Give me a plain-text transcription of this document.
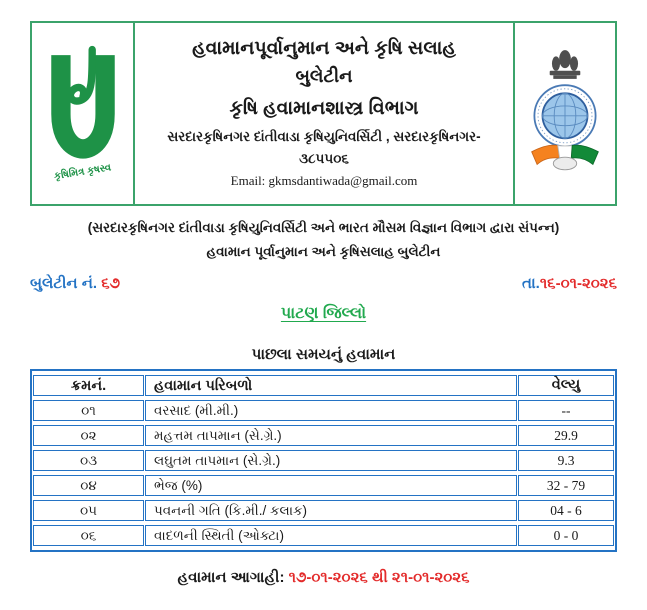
કૃષિમિત્ર કૃષસ્વ
હવામાનપૂર્વાનુમાન અને કૃષિ સલાહ
બુલેટીન
કૃષિ હવામાનશાસ્ત્ર વિભાગ
સરદારકૃષિનગર દાંતીવાડા કૃષિયુનિવર્સિટી , સરદારકૃષિનગર-
૩૮૫૫૦૬
Email: gkmsdantiwada@gmail.com
(સરદારકૃષિનગર દાંતીવાડા કૃષિયુનિવર્સિટી અને ભારત મૌસમ વિજ્ઞાન વિભાગ દ્વારા સંપન્ન)
હવામાન પૂર્વાનુમાન અને કૃષિસલાહ બુલેટીન
બુલેટીન નં. ૬૭	તા.૧૬-૦૧-૨૦૨૬
પાટણ જિલ્લો
પાછલા સમયનું હવામાન
ક્રમનં.	હવામાન પરિબળો	વેલ્યુ
૦૧	વરસાદ (મી.મી.)	--
૦૨	મહત્તમ તાપમાન (સે.ગ્રે.)	29.9
૦૩	લઘુતમ તાપમાન (સે.ગ્રે.)	9.3
૦૪	ભેજ (%)	32 - 79
૦૫	પવનની ગતિ (કિ.મી./ કલાક)	04 - 6
૦૬	વાદળની સ્થિતી (ઓક્ટા)	0 - 0
હવામાન આગાહી: ૧૭-૦૧-૨૦૨૬ થી ૨૧-૦૧-૨૦૨૬
